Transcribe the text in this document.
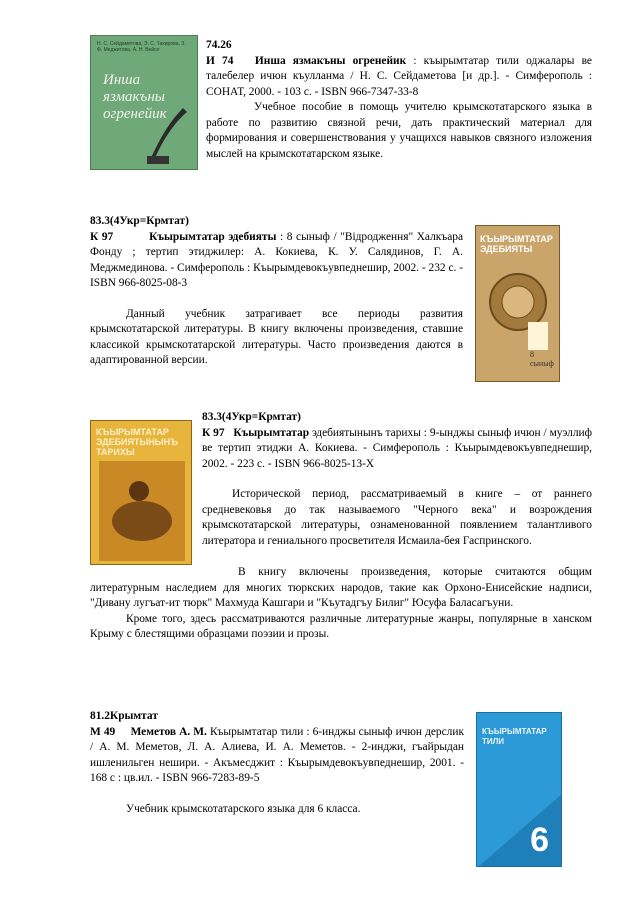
Н. С. Сейдаметова, Э. С. Тахирова, З. Ф. Меджитова, А. Н. Вейсе
Инша язмакъны огренейик

74.26

И 74 Инша язмакъны огренейик : къырымтатар тили оджалары ве талебелер ичюн къулланма / Н. С. Сейдаметова [и др.]. - Симферополь : СОНАТ, 2000. - 103 с. - ISBN 966-7347-33-8

Учебное пособие в помощь учителю крымскотатарского языка в работе по развитию связной речи, дать практический материал для формирования и совершенствования у учащихся навыков связного изложения мыслей на крымскотатарском языке.

83.3(4Укр=Крмтат)

К 97	Къырымтатар эдебияты : 8 сыныф / "Відродження" Халкъара Фонду ; тертип этиджилер: А. Кокиева, К. У. Салядинов, Г. А. Меджмединова. - Симферополь : Къырымдевокъувпеднешир, 2002. - 232 с. - ISBN 966-8025-08-3

Данный учебник затрагивает все периоды развития крымскотатарской литературы. В книгу включены произведения, ставшие классикой крымскотатарской литературы. Часто произведения даются в адаптированной версии.

КЪЫРЫМТАТАР ЭДЕБИЯТЫ
8 сыныф
КЪЫРЫМТАТАР ЭДЕБИЯТЫНЫНЪ ТАРИХЫ

83.3(4Укр=Крмтат)

К 97 Къырымтатар эдебиятынынъ тарихы : 9-ынджы сыныф ичюн / муэллиф ве тертип этиджи А. Кокиева. - Симферополь : Къырымдевокъувпеднешир, 2002. - 223 с. - ISBN 966-8025-13-Х

Исторической период, рассматриваемый в книге – от раннего средневековья до так называемого "Черного века" и возрождения крымскотатарской литературы, ознаменованной появлением талантливого литератора и гениального просветителя Исмаила-бея Гаспринского.

В книгу включены произведения, которые считаются общим литературным наследием для многих тюркских народов, такие как Орхоно-Енисейские надписи, "Дивану лугъат-ит тюрк" Махмуда Кашгари и "Къутадгъу Билиг" Юсуфа Баласагъуни.

Кроме того, здесь рассматриваются различные литературные жанры, популярные в ханском Крыму с блестящими образцами поэзии и прозы.

81.2Крымтат

М 49 Меметов А. М. Къырымтатар тили : 6-инджы сыныф ичюн дерслик / А. М. Меметов, Л. А. Алиева, И. А. Меметов. - 2-инджи, гъайрыдан ишленильген нешири. - Акъмесджит : Къырымдевокъувпеднешир, 2001. - 168 с : цв.ил. - ISBN 966-7283-89-5

Учебник крымскотатарского языка для 6 класса.

КЪЫРЫМТАТАР ТИЛИ
6
